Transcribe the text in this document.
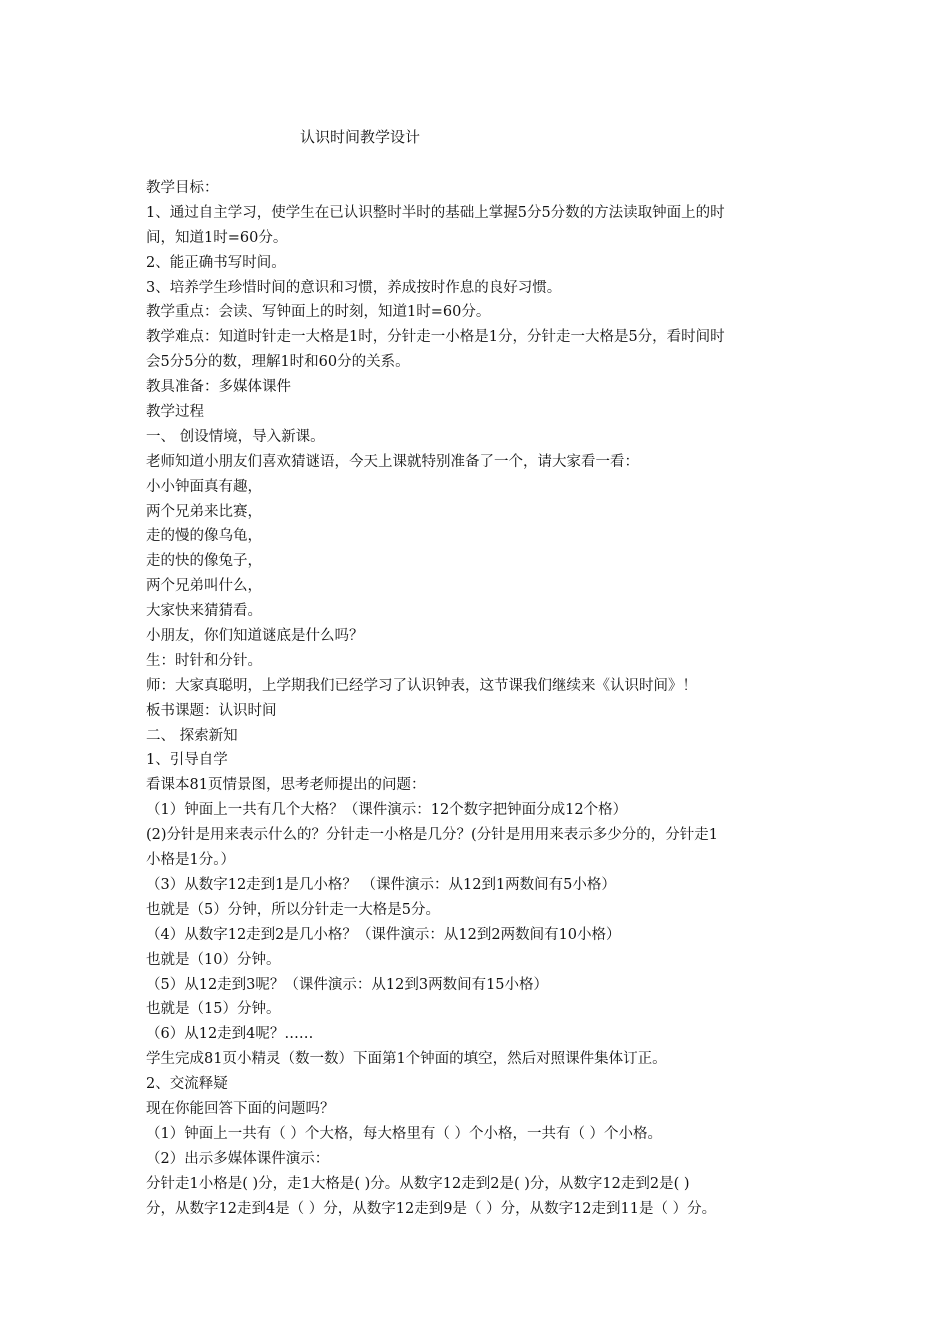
认识时间教学设计
教学目标：
1、通过自主学习，使学生在已认识整时半时的基础上掌握5分5分数的方法读取钟面上的时
间，知道1时=60分。
2、能正确书写时间。
3、培养学生珍惜时间的意识和习惯，养成按时作息的良好习惯。
教学重点：会读、写钟面上的时刻，知道1时=60分。
教学难点：知道时针走一大格是1时，分针走一小格是1分，分针走一大格是5分，看时间时
会5分5分的数，理解1时和60分的关系。
教具准备：多媒体课件
教学过程
一、 创设情境，导入新课。
老师知道小朋友们喜欢猜谜语，今天上课就特别准备了一个，请大家看一看：
小小钟面真有趣，
两个兄弟来比赛，
走的慢的像乌龟，
走的快的像兔子，
两个兄弟叫什么，
大家快来猜猜看。
小朋友，你们知道谜底是什么吗？
生：时针和分针。
师：大家真聪明，上学期我们已经学习了认识钟表，这节课我们继续来《认识时间》！
板书课题：认识时间
二、 探索新知
1、引导自学
看课本81页情景图，思考老师提出的问题：
（1）钟面上一共有几个大格？（课件演示：12个数字把钟面分成12个格）
(2)分针是用来表示什么的？分针走一小格是几分？(分针是用用来表示多少分的，分针走1
小格是1分。）
（3）从数字12走到1是几小格？ （课件演示：从12到1两数间有5小格）
也就是（5）分钟，所以分针走一大格是5分。
（4）从数字12走到2是几小格？（课件演示：从12到2两数间有10小格）
也就是（10）分钟。
（5）从12走到3呢？（课件演示：从12到3两数间有15小格）
也就是（15）分钟。
（6）从12走到4呢？……
学生完成81页小精灵（数一数）下面第1个钟面的填空，然后对照课件集体订正。
2、交流释疑
现在你能回答下面的问题吗？
（1）钟面上一共有（ ）个大格，每大格里有（ ）个小格，一共有（ ）个小格。
（2）出示多媒体课件演示：
分针走1小格是( )分，走1大格是( )分。从数字12走到2是( )分，从数字12走到2是( )
分，从数字12走到4是（ ）分，从数字12走到9是（ ）分，从数字12走到11是（ ）分。
